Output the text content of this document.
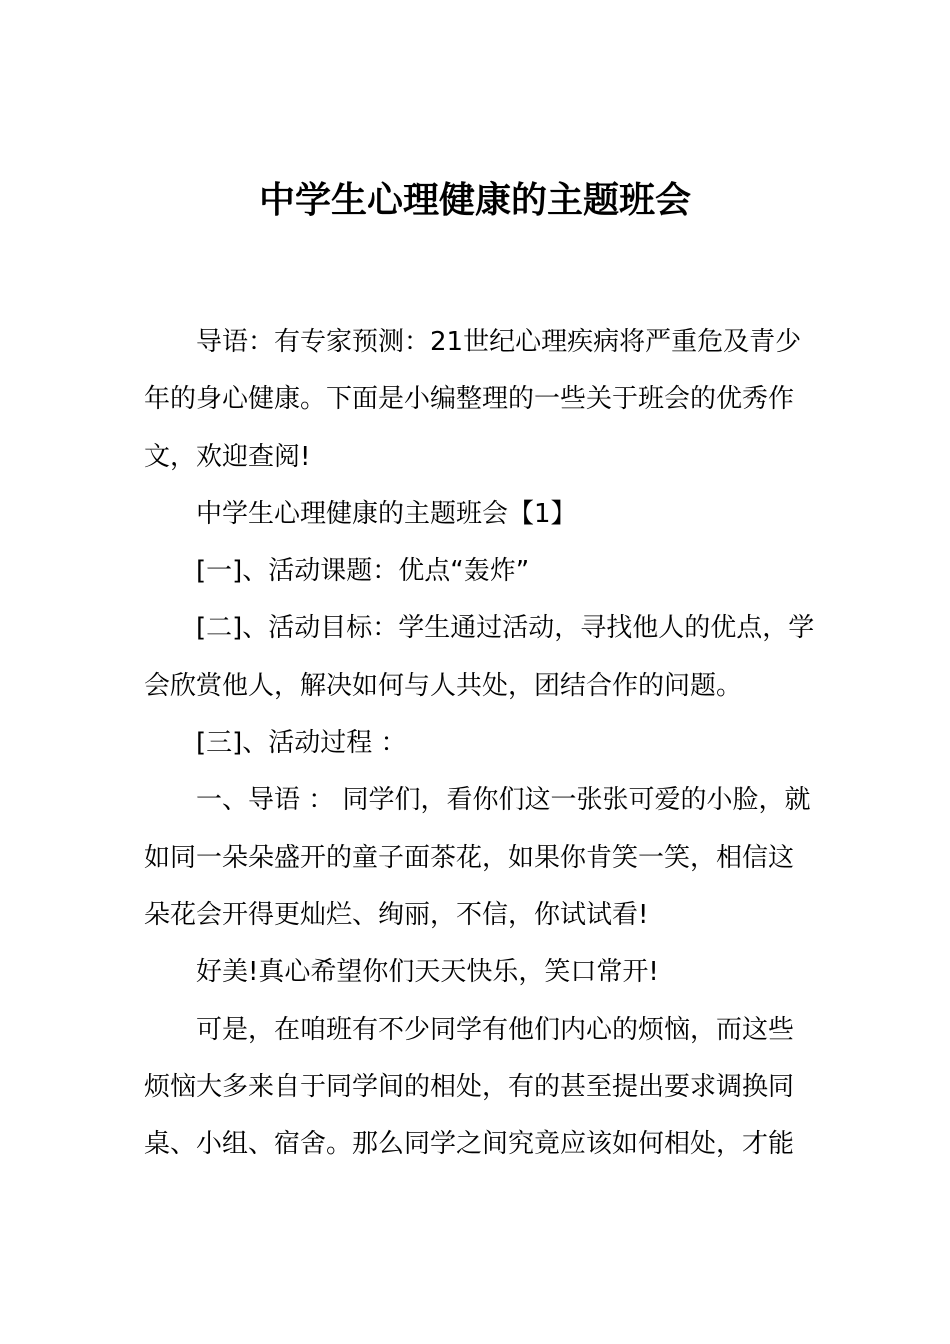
中学生心理健康的主题班会
导语：有专家预测：21世纪心理疾病将严重危及青少
年的身心健康。下面是小编整理的一些关于班会的优秀作
文，欢迎查阅!
中学生心理健康的主题班会【1】
[一]、活动课题：优点“轰炸”
[二]、活动目标：学生通过活动，寻找他人的优点，学
会欣赏他人，解决如何与人共处，团结合作的问题。
[三]、活动过程 ：
一、导语 ： 同学们，看你们这一张张可爱的小脸，就
如同一朵朵盛开的童子面茶花，如果你肯笑一笑，相信这
朵花会开得更灿烂、绚丽，不信，你试试看!
好美!真心希望你们天天快乐，笑口常开!
可是，在咱班有不少同学有他们内心的烦恼，而这些
烦恼大多来自于同学间的相处，有的甚至提出要求调换同
桌、小组、宿舍。那么同学之间究竟应该如何相处，才能
